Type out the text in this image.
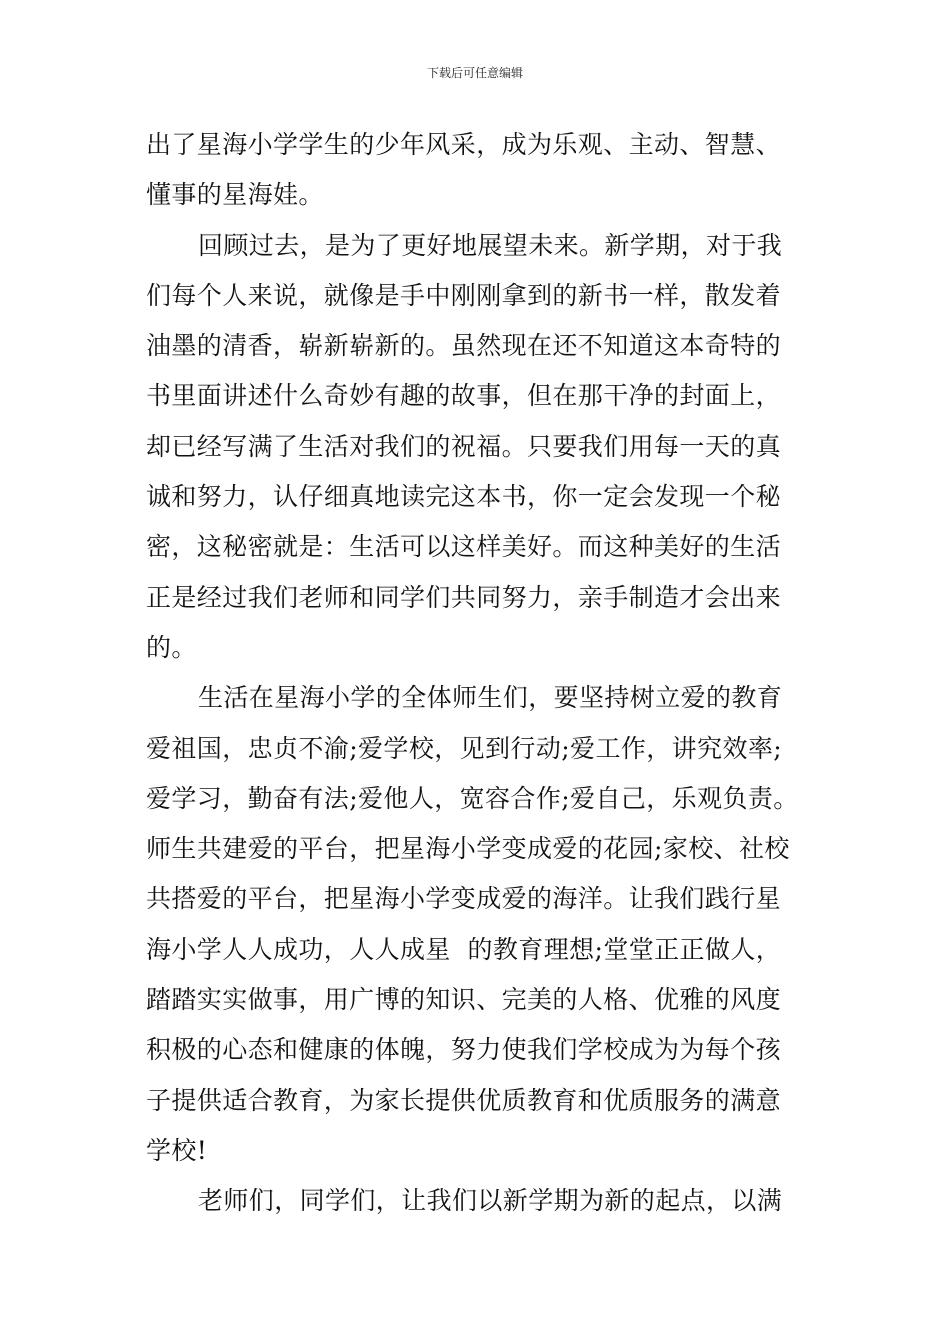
下载后可任意编辑
出了星海小学学生的少年风采，成为乐观、主动、智慧、
懂事的星海娃。
回顾过去，是为了更好地展望未来。新学期，对于我
们每个人来说，就像是手中刚刚拿到的新书一样，散发着
油墨的清香，崭新崭新的。虽然现在还不知道这本奇特的
书里面讲述什么奇妙有趣的故事，但在那干净的封面上，
却已经写满了生活对我们的祝福。只要我们用每一天的真
诚和努力，认仔细真地读完这本书，你一定会发现一个秘
密，这秘密就是：生活可以这样美好。而这种美好的生活
正是经过我们老师和同学们共同努力，亲手制造才会出来
的。
生活在星海小学的全体师生们，要坚持树立爱的教育
爱祖国，忠贞不渝;爱学校，见到行动;爱工作，讲究效率;
爱学习，勤奋有法;爱他人，宽容合作;爱自己，乐观负责。
师生共建爱的平台，把星海小学变成爱的花园;家校、社校
共搭爱的平台，把星海小学变成爱的海洋。让我们践行星
海小学人人成功，人人成星  的教育理想;堂堂正正做人，
踏踏实实做事，用广博的知识、完美的人格、优雅的风度
积极的心态和健康的体魄，努力使我们学校成为为每个孩
子提供适合教育，为家长提供优质教育和优质服务的满意
学校!
老师们，同学们，让我们以新学期为新的起点，以满
